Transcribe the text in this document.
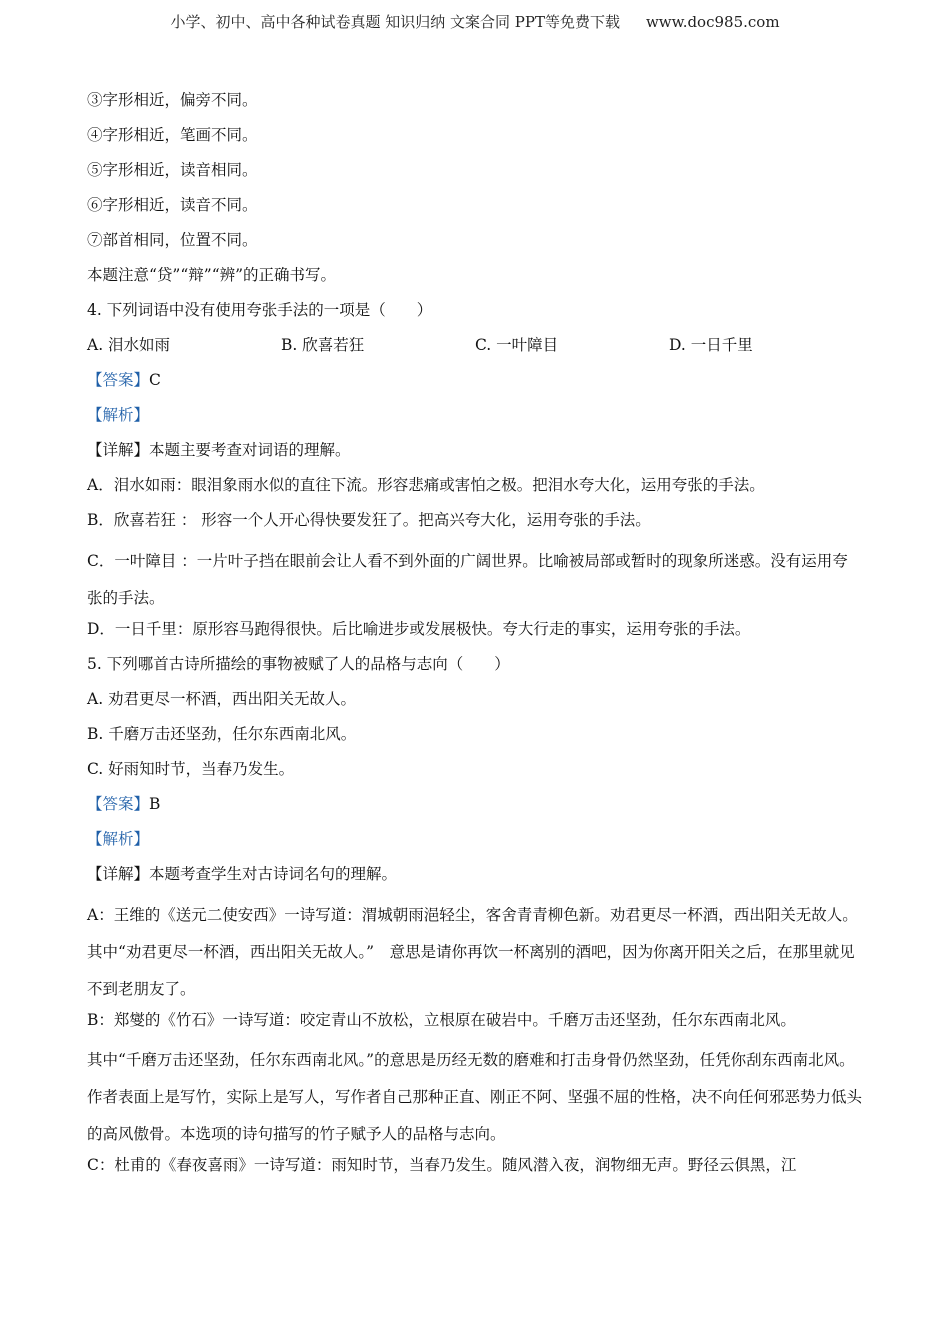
小学、初中、高中各种试卷真题 知识归纳 文案合同 PPT等免费下载 www.doc985.com
③字形相近，偏旁不同。
④字形相近，笔画不同。
⑤字形相近，读音相同。
⑥字形相近，读音不同。
⑦部首相同，位置不同。
本题注意“贷”“辩”“辨”的正确书写。
4. 下列词语中没有使用夸张手法的一项是（　　）
A. 泪水如雨	B. 欣喜若狂	C. 一叶障目	D. 一日千里
【答案】C
【解析】
【详解】本题主要考查对词语的理解。
A．泪水如雨：眼泪象雨水似的直往下流。形容悲痛或害怕之极。把泪水夸大化，运用夸张的手法。
B．欣喜若狂 ： 形容一个人开心得快要发狂了。把高兴夸大化，运用夸张的手法。
C．一叶障目 ：一片叶子挡在眼前会让人看不到外面的广阔世界。比喻被局部或暂时的现象所迷惑。没有运用夸张的手法。
D．一日千里：原形容马跑得很快。后比喻进步或发展极快。夸大行走的事实，运用夸张的手法。
5. 下列哪首古诗所描绘的事物被赋了人的品格与志向（　　）
A. 劝君更尽一杯酒，西出阳关无故人。
B. 千磨万击还坚劲，任尔东西南北风。
C. 好雨知时节，当春乃发生。
【答案】B
【解析】
【详解】本题考查学生对古诗词名句的理解。
A：王维的《送元二使安西》一诗写道：渭城朝雨浥轻尘，客舍青青柳色新。劝君更尽一杯酒，西出阳关无故人。
其中“劝君更尽一杯酒，西出阳关无故人。”　意思是请你再饮一杯离别的酒吧，因为你离开阳关之后，在那里就见不到老朋友了。
B：郑燮的《竹石》一诗写道：咬定青山不放松，立根原在破岩中。千磨万击还坚劲，任尔东西南北风。
其中“千磨万击还坚劲，任尔东西南北风。”的意思是历经无数的磨难和打击身骨仍然坚劲，任凭你刮东西南北风。作者表面上是写竹，实际上是写人，写作者自己那种正直、刚正不阿、坚强不屈的性格，决不向任何邪恶势力低头的高风傲骨。本选项的诗句描写的竹子赋予人的品格与志向。
C：杜甫的《春夜喜雨》一诗写道：雨知时节，当春乃发生。随风潜入夜，润物细无声。野径云俱黑，江
